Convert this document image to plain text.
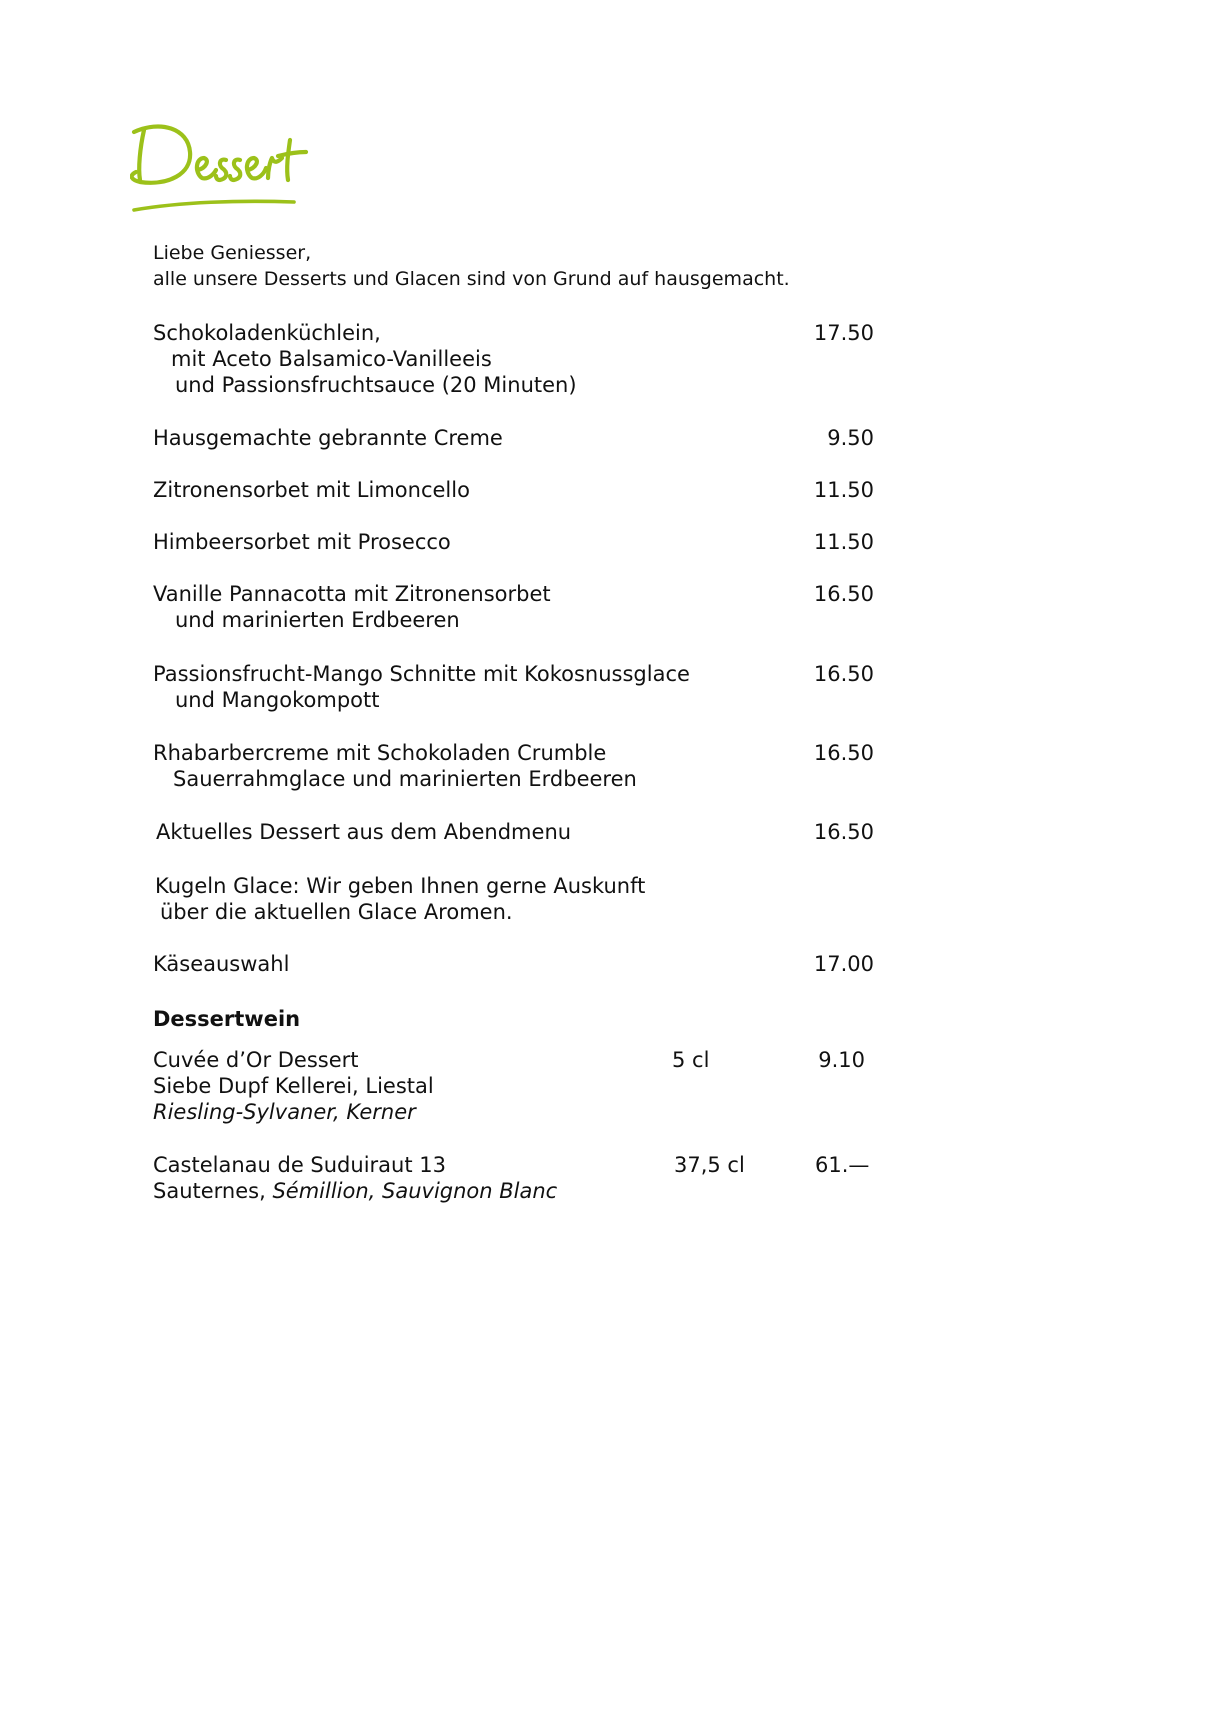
Liebe Geniesser,
alle unsere Desserts und Glacen sind von Grund auf hausgemacht.
Schokoladenküchlein,	17.50
mit Aceto Balsamico-Vanilleeis
und Passionsfruchtsauce (20 Minuten)
Hausgemachte gebrannte Creme	9.50
Zitronensorbet mit Limoncello	11.50
Himbeersorbet mit Prosecco	11.50
Vanille Pannacotta mit Zitronensorbet	16.50
und marinierten Erdbeeren
Passionsfrucht-Mango Schnitte mit Kokosnussglace	16.50
und Mangokompott
Rhabarbercreme mit Schokoladen Crumble	16.50
Sauerrahmglace und marinierten Erdbeeren
Aktuelles Dessert aus dem Abendmenu	16.50
Kugeln Glace: Wir geben Ihnen gerne Auskunft
über die aktuellen Glace Aromen.
Käseauswahl	17.00
Dessertwein
Cuvée d’Or Dessert	5 cl	9.10
Siebe Dupf Kellerei, Liestal
Riesling-Sylvaner, Kerner
Castelanau de Suduiraut 13	37,5 cl	61.—
Sauternes, Sémillion, Sauvignon Blanc
